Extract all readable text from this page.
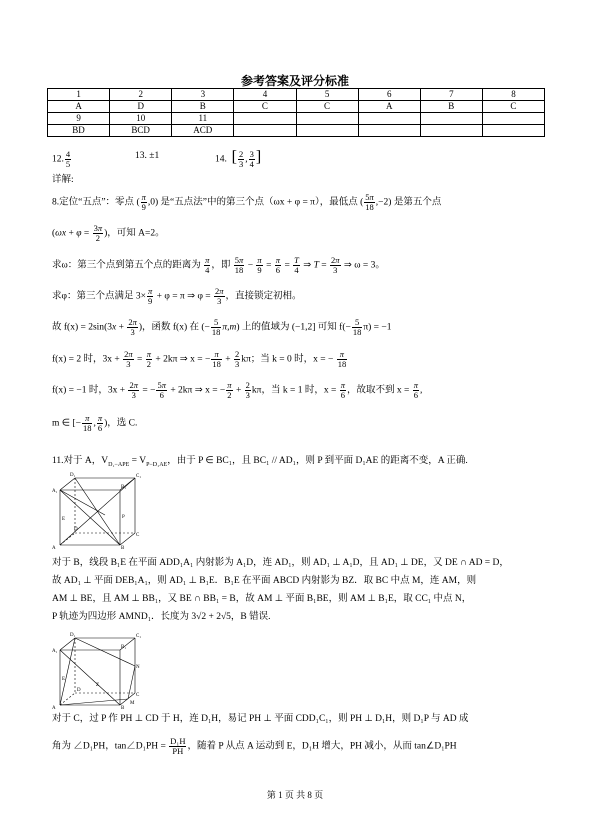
参考答案及评分标准
1	2	3	4	5	6	7	8
A	D	B	C	C	A	B	C
9	10	11					
BD	BCD	ACD					
12. $\frac{4}{5}$	13. ±1	14. [ $\frac{2}{3}$ , $\frac{3}{4}$ ]
详解:
8.定位“五点”：零点 ( $\frac{\pi}{9} ,0$) 是“五点法”中的第三个点（ωx + φ = π），最低点 ( $\frac{5\pi}{18} ,-2$) 是第五个点
($\omega x + \varphi = \frac{3\pi}{2}$ )，可知 A=2。
求ω：第三个点到第五个点的距离为 $\frac{\pi}{4}$ ，即 $\frac{5\pi}{18} - \frac{\pi}{9} = \frac{\pi}{6} = \frac{T}{4}$ ⇒ $T = \frac{2\pi}{3}$ ⇒ ω = 3。
求φ：第三个点满足 $3\times \frac{\pi}{9} + \varphi = \pi$ ⇒ $\varphi = \frac{2\pi}{3}$ ，直接锁定初相。
故 $f(x) = 2\sin(3x + \frac{2\pi}{3}$ )，函数 f(x) 在 (− $\frac{5}{18} \pi,m$) 上的值域为 (−1,2] 可知 $f(- \frac{5}{18} \pi) = -1$
f(x) = 2 时，$3x + \frac{2\pi}{3} = \frac{\pi}{2} + 2k\pi$ ⇒ x = − $\frac{\pi}{18} + \frac{2}{3}$ kπ；当 k = 0 时，x = − $\frac{\pi}{18}$
f(x) = −1 时，$3x + \frac{2\pi}{3}$ = − $\frac{5\pi}{6} + 2k\pi$ ⇒ x = − $\frac{\pi}{2} + \frac{2}{3}$ kπ，当 k = 1 时，$x = \frac{\pi}{6}$ ，故取不到 $x = \frac{\pi}{6}$ ,
m ∈ [− $\frac{\pi}{18}$ , $\frac{\pi}{6}$ )，选 C.
11.对于 A，$V_{D_1-APE} = V_{P-D_1AE}$，由于 P ∈ BC₁，且 BC₁ // AD₁，则 P 到平面 D₁AE 的距离不变，A 正确.
A₁
D₁	C₁
B₁
A	B
C
D
P
E
对于 B，线段 B₁E 在平面 ADD₁A₁ 内射影为 A₁D，连 AD₁，则 AD₁ ⊥ A₁D，且 AD₁ ⊥ DE，又 DE ∩ AD = D，
故 AD₁ ⊥ 平面 DEB₁A₁，则 AD₁ ⊥ B₁E．B₁E 在平面 ABCD 内射影为 BZ．取 BC 中点 M，连 AM，则
AM ⊥ BE，且 AM ⊥ BB₁，又 BE ∩ BB₁ = B，故 AM ⊥ 平面 B₁BE，则 AM ⊥ B₁E，取 CC₁ 中点 N，
P 轨迹为四边形 AMND₁．长度为 3√2 + 2√5，B 错误.
A₁
D₁	C₁
B₁
A	B
C
D
M
N
Z
E
对于 C，过 P 作 PH ⊥ CD 于 H，连 D₁H，易记 PH ⊥ 平面 CDD₁C₁，则 PH ⊥ D₁H，则 D₁P 与 AD 成
角为 ∠D₁PH，tan∠D₁PH = $\frac{\text{D₁H}}{PH}$ ，随着 P 从点 A 运动到 E，D₁H 增大，PH 减小，从而 tan∠D₁PH
第 1 页 共 8 页
